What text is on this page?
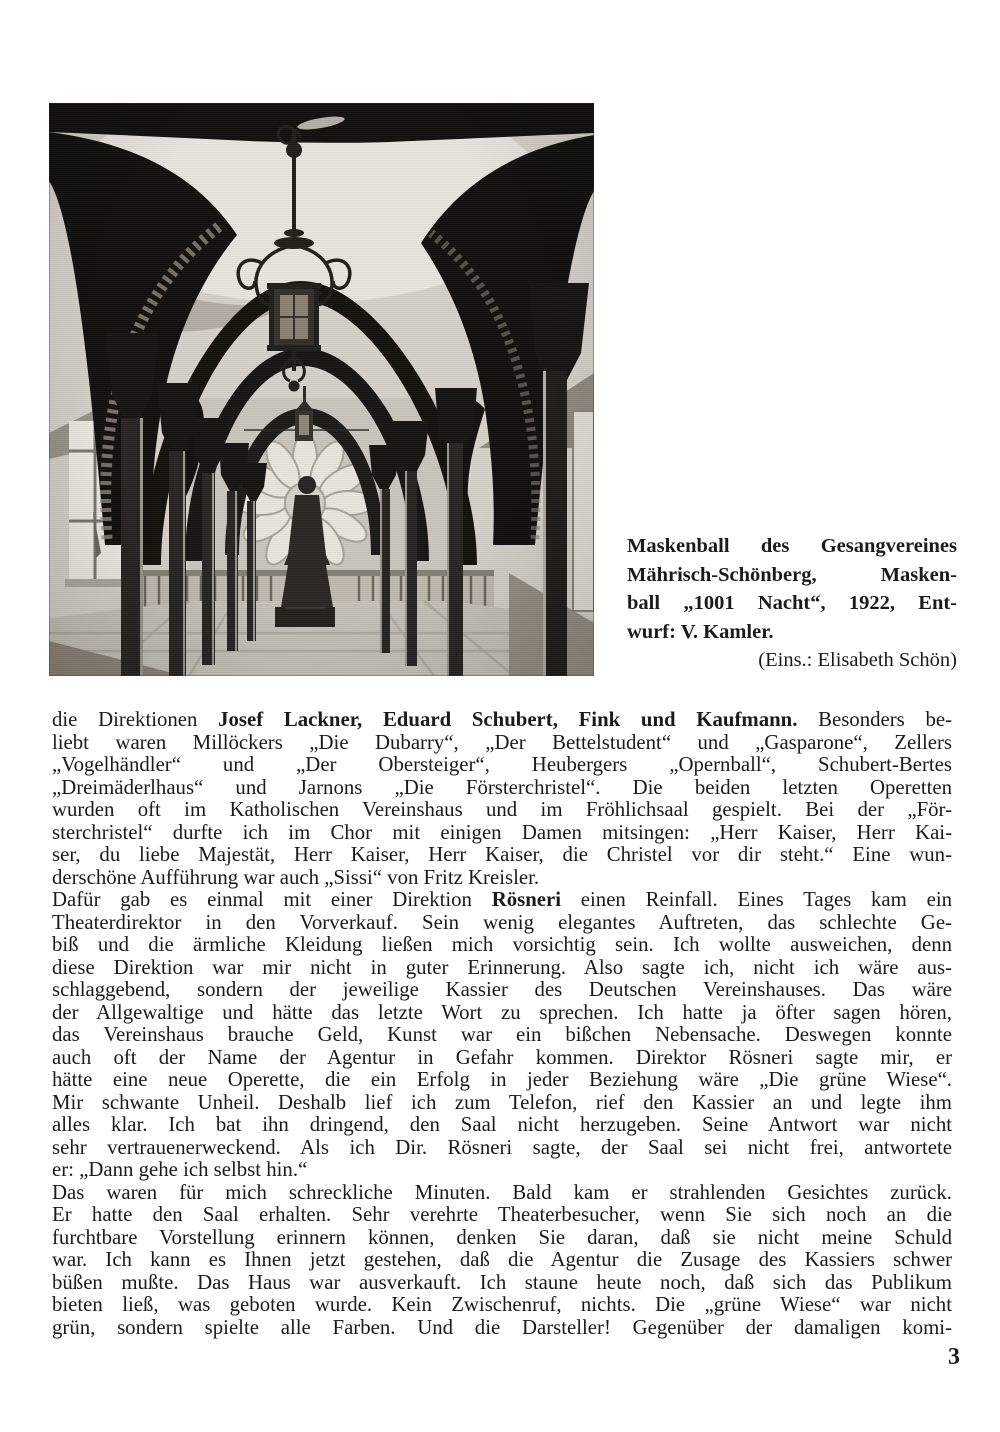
Maskenball des Gesangvereines
Mährisch-Schönberg, Masken-
ball „1001 Nacht“, 1922, Ent-
wurf: V. Kamler.
(Eins.: Elisabeth Schön)
die Direktionen Josef Lackner, Eduard Schubert, Fink und Kaufmann. Besonders be-
liebt waren Millöckers „Die Dubarry“, „Der Bettelstudent“ und „Gasparone“, Zellers
„Vogelhändler“ und „Der Obersteiger“, Heubergers „Opernball“, Schubert-Bertes
„Dreimäderlhaus“ und Jarnons „Die Försterchristel“. Die beiden letzten Operetten
wurden oft im Katholischen Vereinshaus und im Fröhlichsaal gespielt. Bei der „För-
sterchristel“ durfte ich im Chor mit einigen Damen mitsingen: „Herr Kaiser, Herr Kai-
ser, du liebe Majestät, Herr Kaiser, Herr Kaiser, die Christel vor dir steht.“ Eine wun-
derschöne Aufführung war auch „Sissi“ von Fritz Kreisler.
Dafür gab es einmal mit einer Direktion Rösneri einen Reinfall. Eines Tages kam ein
Theaterdirektor in den Vorverkauf. Sein wenig elegantes Auftreten, das schlechte Ge-
biß und die ärmliche Kleidung ließen mich vorsichtig sein. Ich wollte ausweichen, denn
diese Direktion war mir nicht in guter Erinnerung. Also sagte ich, nicht ich wäre aus-
schlaggebend, sondern der jeweilige Kassier des Deutschen Vereinshauses. Das wäre
der Allgewaltige und hätte das letzte Wort zu sprechen. Ich hatte ja öfter sagen hören,
das Vereinshaus brauche Geld, Kunst war ein bißchen Nebensache. Deswegen konnte
auch oft der Name der Agentur in Gefahr kommen. Direktor Rösneri sagte mir, er
hätte eine neue Operette, die ein Erfolg in jeder Beziehung wäre „Die grüne Wiese“.
Mir schwante Unheil. Deshalb lief ich zum Telefon, rief den Kassier an und legte ihm
alles klar. Ich bat ihn dringend, den Saal nicht herzugeben. Seine Antwort war nicht
sehr vertrauenerweckend. Als ich Dir. Rösneri sagte, der Saal sei nicht frei, antwortete
er: „Dann gehe ich selbst hin.“
Das waren für mich schreckliche Minuten. Bald kam er strahlenden Gesichtes zurück.
Er hatte den Saal erhalten. Sehr verehrte Theaterbesucher, wenn Sie sich noch an die
furchtbare Vorstellung erinnern können, denken Sie daran, daß sie nicht meine Schuld
war. Ich kann es Ihnen jetzt gestehen, daß die Agentur die Zusage des Kassiers schwer
büßen mußte. Das Haus war ausverkauft. Ich staune heute noch, daß sich das Publikum
bieten ließ, was geboten wurde. Kein Zwischenruf, nichts. Die „grüne Wiese“ war nicht
grün, sondern spielte alle Farben. Und die Darsteller! Gegenüber der damaligen komi-
3
